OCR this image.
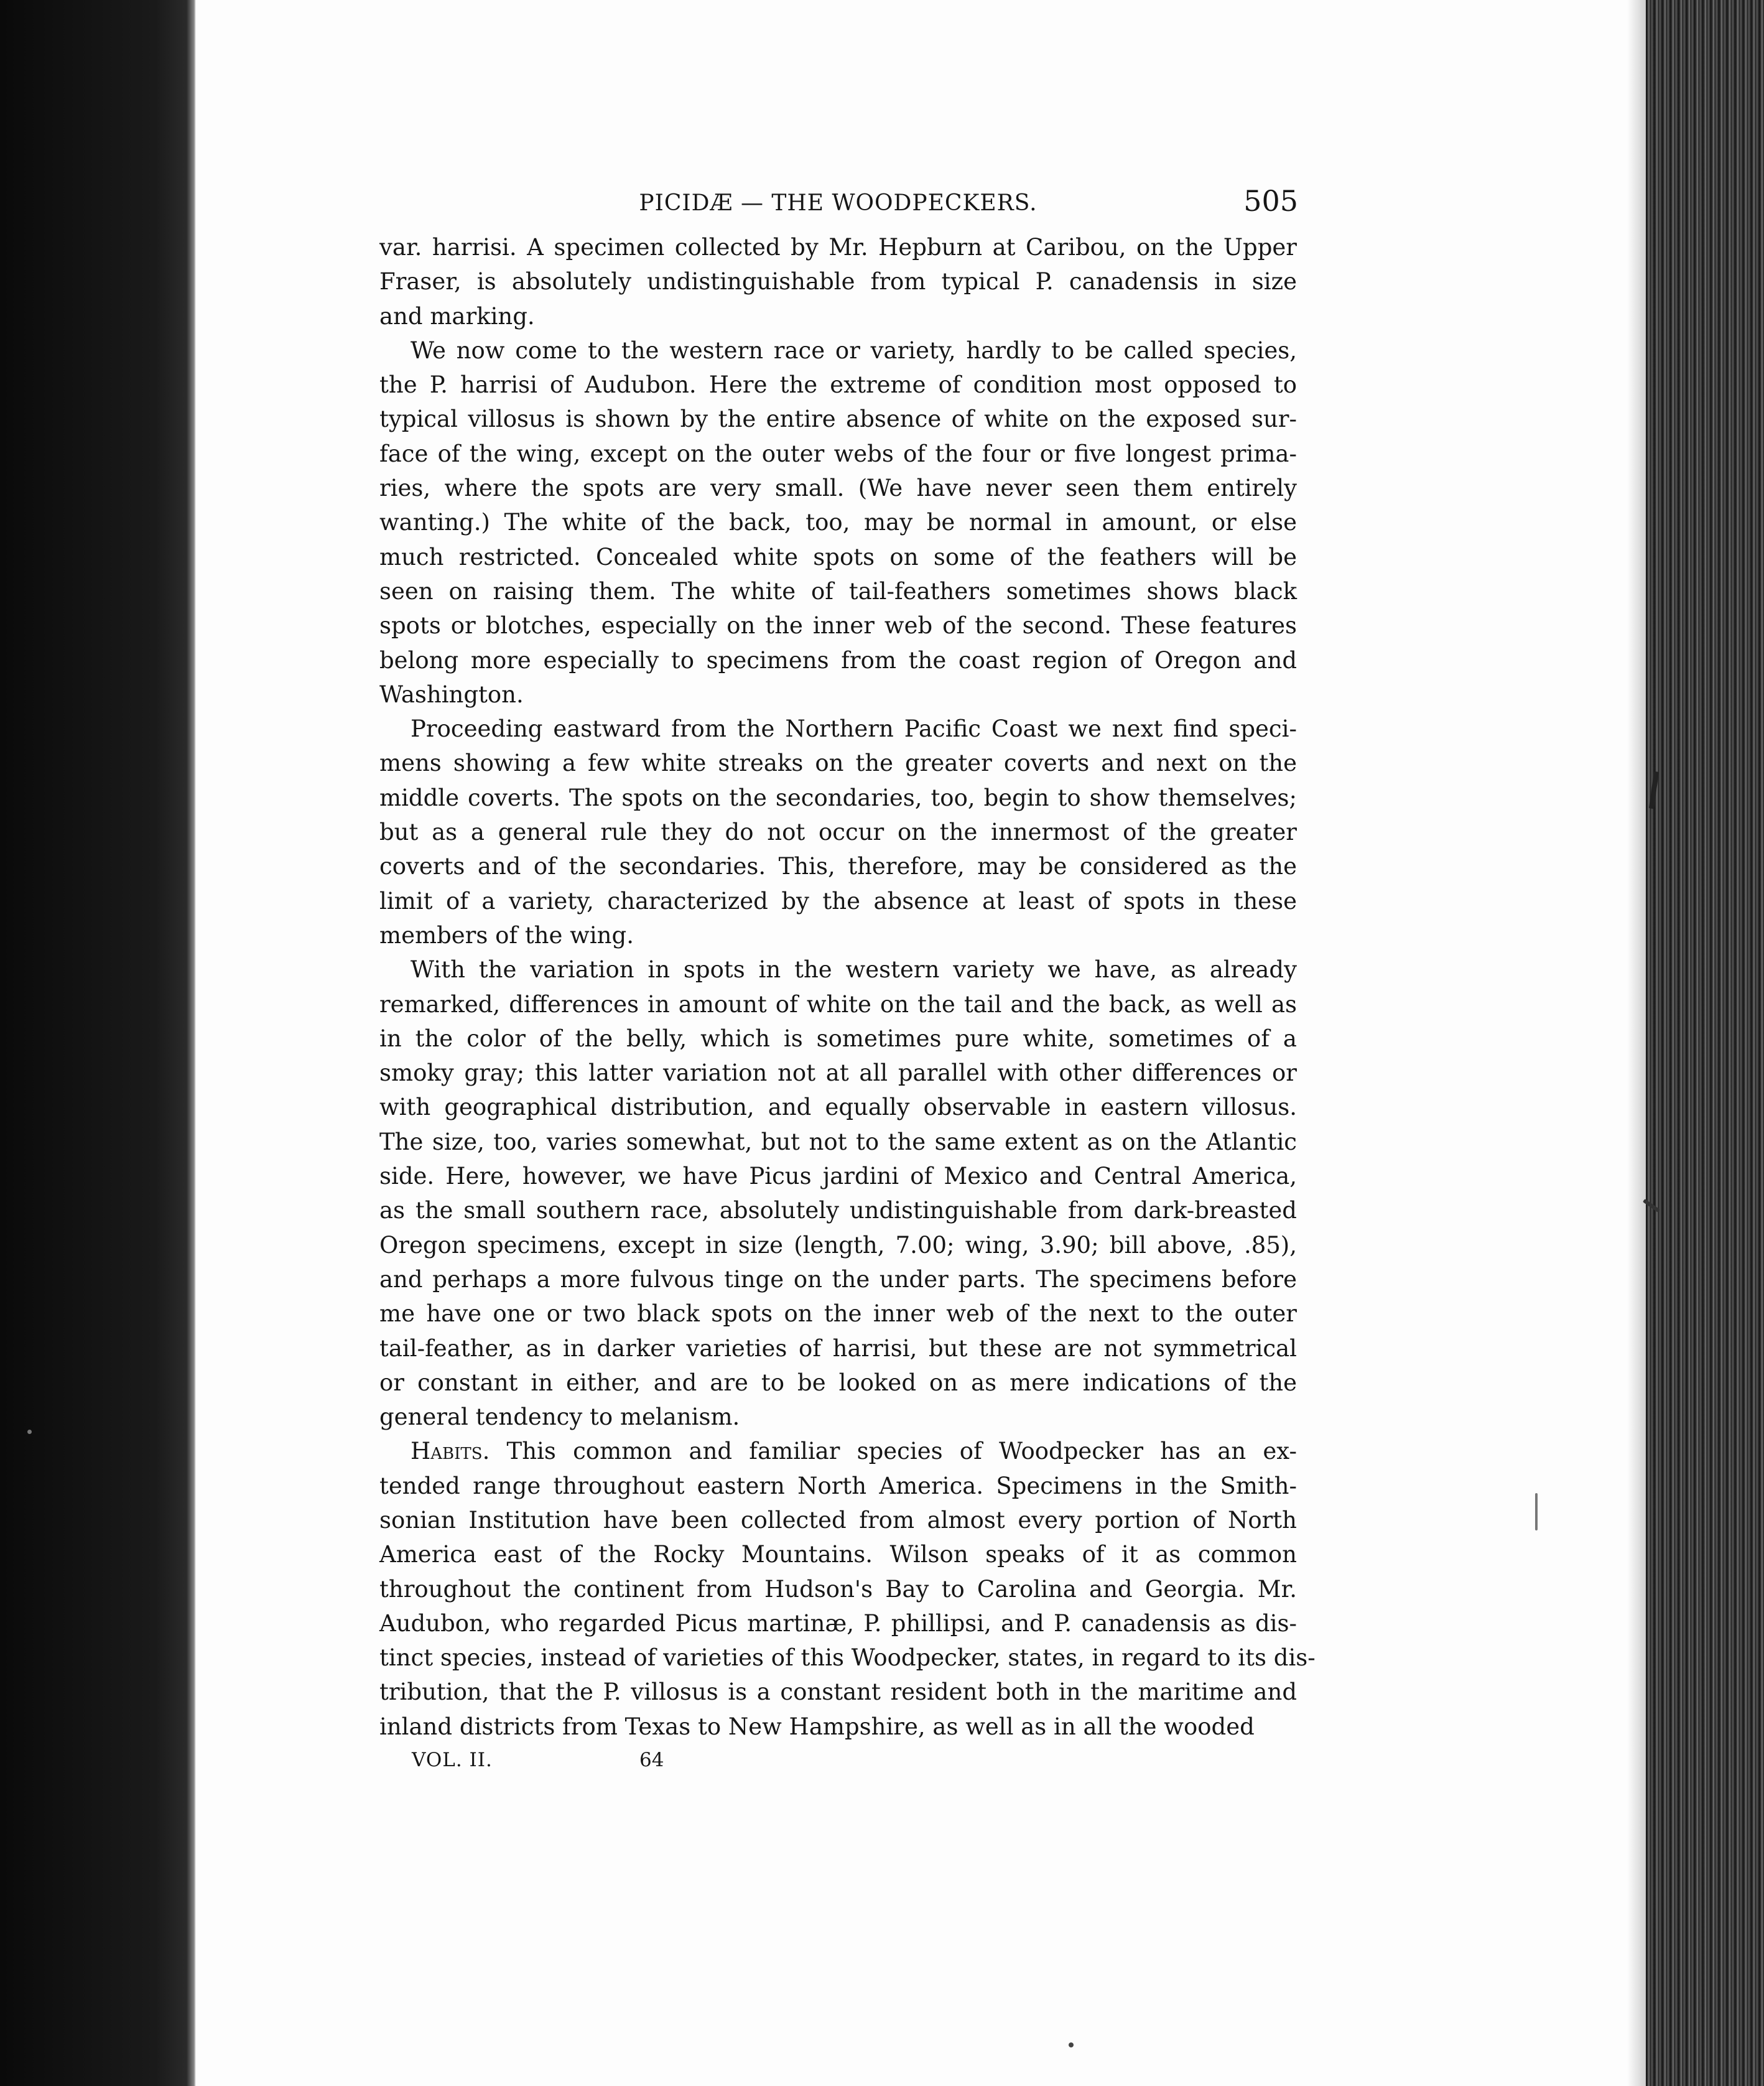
PICIDÆ — THE WOODPECKERS.	505
var. harrisi. A specimen collected by Mr. Hepburn at Caribou, on the Upper
Fraser, is absolutely undistinguishable from typical P. canadensis in size
and marking.
We now come to the western race or variety, hardly to be called species,
the P. harrisi of Audubon. Here the extreme of condition most opposed to
typical villosus is shown by the entire absence of white on the exposed sur-
face of the wing, except on the outer webs of the four or five longest prima-
ries, where the spots are very small. (We have never seen them entirely
wanting.) The white of the back, too, may be normal in amount, or else
much restricted. Concealed white spots on some of the feathers will be
seen on raising them. The white of tail-feathers sometimes shows black
spots or blotches, especially on the inner web of the second. These features
belong more especially to specimens from the coast region of Oregon and
Washington.
Proceeding eastward from the Northern Pacific Coast we next find speci-
mens showing a few white streaks on the greater coverts and next on the
middle coverts. The spots on the secondaries, too, begin to show themselves;
but as a general rule they do not occur on the innermost of the greater
coverts and of the secondaries. This, therefore, may be considered as the
limit of a variety, characterized by the absence at least of spots in these
members of the wing.
With the variation in spots in the western variety we have, as already
remarked, differences in amount of white on the tail and the back, as well as
in the color of the belly, which is sometimes pure white, sometimes of a
smoky gray; this latter variation not at all parallel with other differences or
with geographical distribution, and equally observable in eastern villosus.
The size, too, varies somewhat, but not to the same extent as on the Atlantic
side. Here, however, we have Picus jardini of Mexico and Central America,
as the small southern race, absolutely undistinguishable from dark-breasted
Oregon specimens, except in size (length, 7.00; wing, 3.90; bill above, .85),
and perhaps a more fulvous tinge on the under parts. The specimens before
me have one or two black spots on the inner web of the next to the outer
tail-feather, as in darker varieties of harrisi, but these are not symmetrical
or constant in either, and are to be looked on as mere indications of the
general tendency to melanism.
Habits. This common and familiar species of Woodpecker has an ex-
tended range throughout eastern North America. Specimens in the Smith-
sonian Institution have been collected from almost every portion of North
America east of the Rocky Mountains. Wilson speaks of it as common
throughout the continent from Hudson's Bay to Carolina and Georgia. Mr.
Audubon, who regarded Picus martinæ, P. phillipsi, and P. canadensis as dis-
tinct species, instead of varieties of this Woodpecker, states, in regard to its dis-
tribution, that the P. villosus is a constant resident both in the maritime and
inland districts from Texas to New Hampshire, as well as in all the wooded
VOL. II.	64
